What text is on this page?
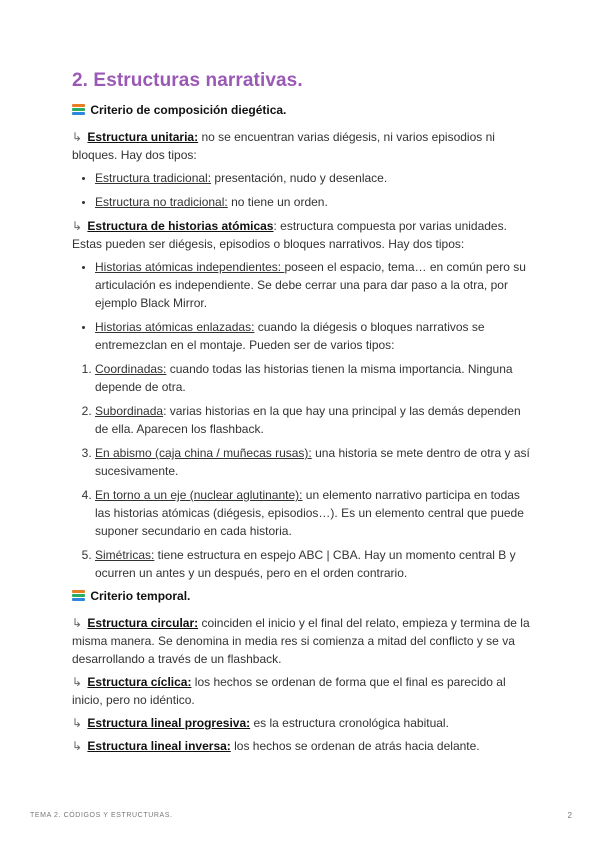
2. Estructuras narrativas.
Criterio de composición diegética.

↳ Estructura unitaria: no se encuentran varias diégesis, ni varios episodios ni bloques. Hay dos tipos:

• Estructura tradicional: presentación, nudo y desenlace.
• Estructura no tradicional: no tiene un orden.

↳ Estructura de historias atómicas: estructura compuesta por varias unidades. Estas pueden ser diégesis, episodios o bloques narrativos. Hay dos tipos:

• Historias atómicas independientes: poseen el espacio, tema… en común pero su articulación es independiente. Se debe cerrar una para dar paso a la otra, por ejemplo Black Mirror.
• Historias atómicas enlazadas: cuando la diégesis o bloques narrativos se entremezclan en el montaje. Pueden ser de varios tipos:
1. Coordinadas: cuando todas las historias tienen la misma importancia. Ninguna depende de otra.
2. Subordinada: varias historias en la que hay una principal y las demás dependen de ella. Aparecen los flashback.
3. En abismo (caja china / muñecas rusas): una historia se mete dentro de otra y así sucesivamente.
4. En torno a un eje (nuclear aglutinante): un elemento narrativo participa en todas las historias atómicas (diégesis, episodios…). Es un elemento central que puede suponer secundario en cada historia.
5. Simétricas: tiene estructura en espejo ABC | CBA. Hay un momento central B y ocurren un antes y un después, pero en el orden contrario.
Criterio temporal.

↳ Estructura circular: coinciden el inicio y el final del relato, empieza y termina de la misma manera. Se denomina in media res si comienza a mitad del conflicto y se va desarrollando a través de un flashback.

↳ Estructura cíclica: los hechos se ordenan de forma que el final es parecido al inicio, pero no idéntico.

↳ Estructura lineal progresiva: es la estructura cronológica habitual.

↳ Estructura lineal inversa: los hechos se ordenan de atrás hacia delante.

TEMA 2. CÓDIGOS Y ESTRUCTURAS.	2
